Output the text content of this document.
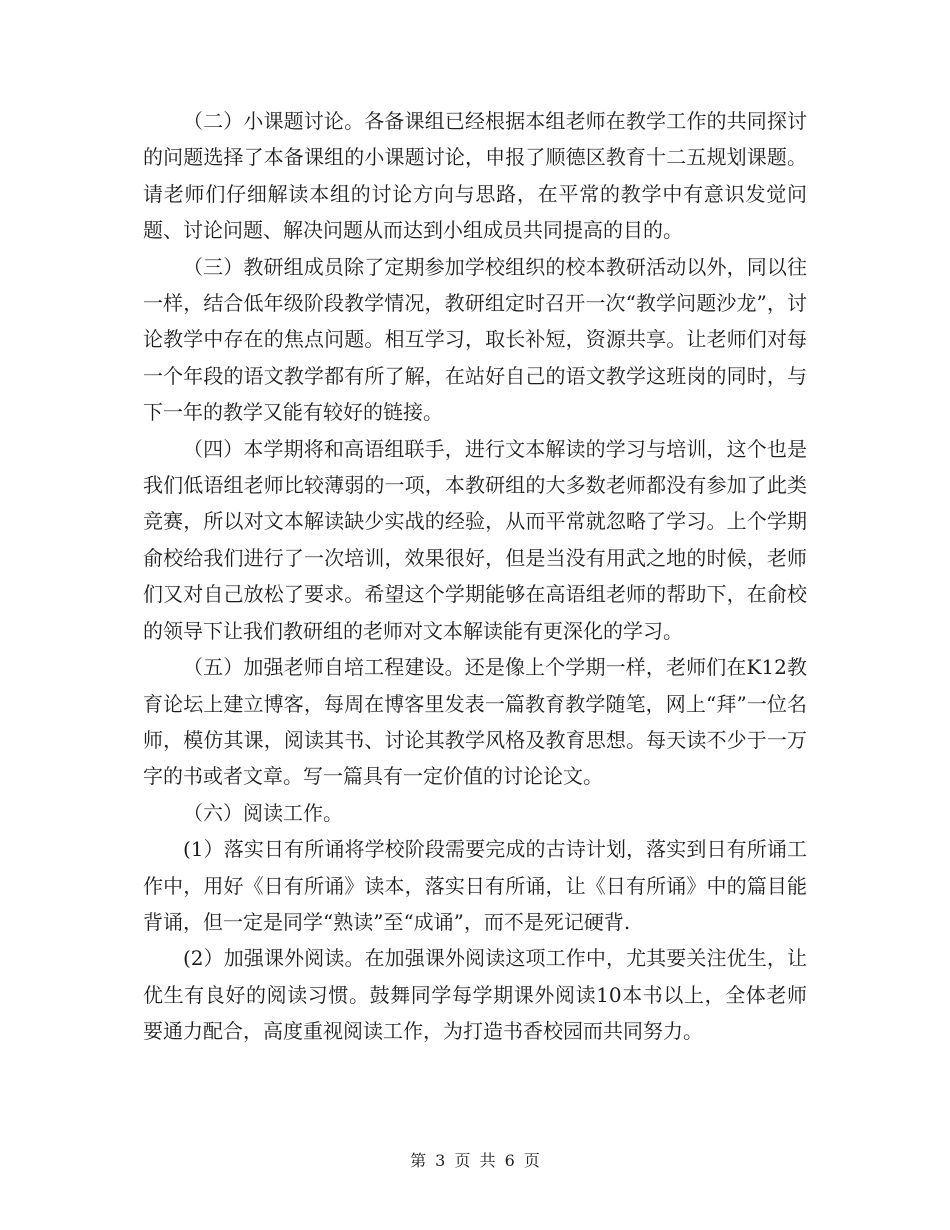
（二）小课题讨论。各备课组已经根据本组老师在教学工作的共同探讨的问题选择了本备课组的小课题讨论，申报了顺德区教育十二五规划课题。请老师们仔细解读本组的讨论方向与思路，在平常的教学中有意识发觉问题、讨论问题、解决问题从而达到小组成员共同提高的目的。

（三）教研组成员除了定期参加学校组织的校本教研活动以外，同以往一样，结合低年级阶段教学情况，教研组定时召开一次“教学问题沙龙”，讨论教学中存在的焦点问题。相互学习，取长补短，资源共享。让老师们对每一个年段的语文教学都有所了解，在站好自己的语文教学这班岗的同时，与下一年的教学又能有较好的链接。

（四）本学期将和高语组联手，进行文本解读的学习与培训，这个也是我们低语组老师比较薄弱的一项，本教研组的大多数老师都没有参加了此类竞赛，所以对文本解读缺少实战的经验，从而平常就忽略了学习。上个学期俞校给我们进行了一次培训，效果很好，但是当没有用武之地的时候，老师们又对自己放松了要求。希望这个学期能够在高语组老师的帮助下，在俞校的领导下让我们教研组的老师对文本解读能有更深化的学习。

（五）加强老师自培工程建设。还是像上个学期一样，老师们在K12教育论坛上建立博客，每周在博客里发表一篇教育教学随笔，网上“拜”一位名师，模仿其课，阅读其书、讨论其教学风格及教育思想。每天读不少于一万字的书或者文章。写一篇具有一定价值的讨论论文。

（六）阅读工作。

(1）落实日有所诵将学校阶段需要完成的古诗计划，落实到日有所诵工作中，用好《日有所诵》读本，落实日有所诵，让《日有所诵》中的篇目能背诵，但一定是同学“熟读”至“成诵”，而不是死记硬背.

(2）加强课外阅读。在加强课外阅读这项工作中，尤其要关注优生，让优生有良好的阅读习惯。鼓舞同学每学期课外阅读10本书以上，全体老师要通力配合，高度重视阅读工作，为打造书香校园而共同努力。

第 3 页 共 6 页
